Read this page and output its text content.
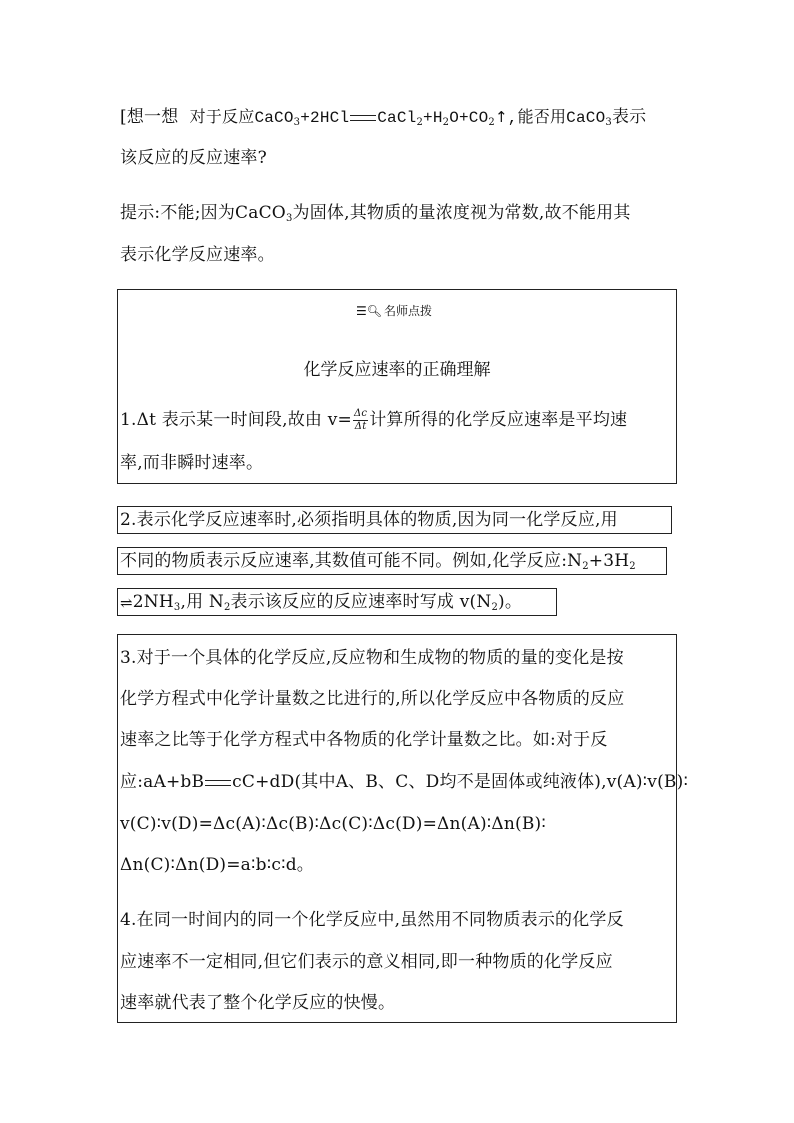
[想一想 对于反应CaCO$_3$+2HCl $CaCl_2+H_2O+CO_2↑$,能否用CaCO$_3$表示
该反应的反应速率?
提示:不能;因为CaCO$_3$为固体,其物质的量浓度视为常数,故不能用其
表示化学反应速率。
☰🔍︎ 名师点拨
化学反应速率的正确理解
1.Δt 表示某一时间段,故由 $v= \frac{\Delta c}{\Delta t}$ 计算所得的化学反应速率是平均速
率,而非瞬时速率。
2.表示化学反应速率时,必须指明具体的物质,因为同一化学反应,用
不同的物质表示反应速率,其数值可能不同。例如,化学反应$:N_2+3H_2$
$\rightleftharpoons 2NH_3$,用 $N_2$表示该反应的反应速率时写成 $v(N_2)$。
3.对于一个具体的化学反应,反应物和生成物的物质的量的变化是按
化学方程式中化学计量数之比进行的,所以化学反应中各物质的反应
速率之比等于化学方程式中各物质的化学计量数之比。如:对于反
应:aA+bB cC+dD(其中A、B、C、D均不是固体或纯液体),v(A)∶v(B)∶
v(C)∶v(D)=Δc(A)∶Δc(B)∶Δc(C)∶Δc(D)=Δn(A)∶Δn(B)∶
Δn(C)∶Δn(D)=a∶b∶c∶d。
4.在同一时间内的同一个化学反应中,虽然用不同物质表示的化学反
应速率不一定相同,但它们表示的意义相同,即一种物质的化学反应
速率就代表了整个化学反应的快慢。
